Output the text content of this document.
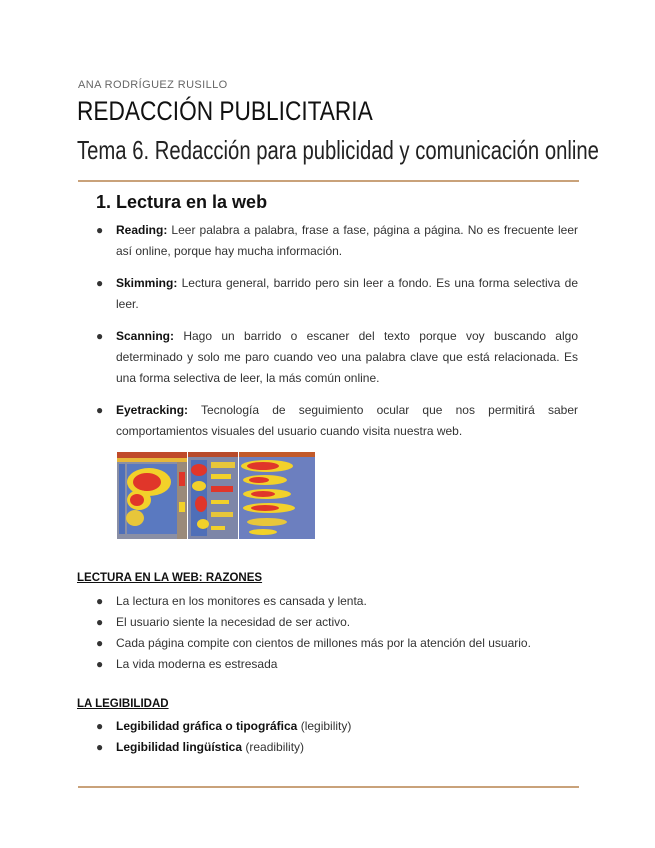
ANA RODRÍGUEZ RUSILLO
REDACCIÓN PUBLICITARIA
Tema 6. Redacción para publicidad y comunicación online
1. Lectura en la web
● Reading: Leer palabra a palabra, frase a fase, página a página. No es frecuente leer así online, porque hay mucha información.
● Skimming: Lectura general, barrido pero sin leer a fondo. Es una forma selectiva de leer.
● Scanning: Hago un barrido o escaner del texto porque voy buscando algo determinado y solo me paro cuando veo una palabra clave que está relacionada. Es una forma selectiva de leer, la más común online.
● Eyetracking: Tecnología de seguimiento ocular que nos permitirá saber comportamientos visuales del usuario cuando visita nuestra web.
LECTURA EN LA WEB: RAZONES
● La lectura en los monitores es cansada y lenta.
● El usuario siente la necesidad de ser activo.
● Cada página compite con cientos de millones más por la atención del usuario.
● La vida moderna es estresada
LA LEGIBILIDAD
● Legibilidad gráfica o tipográfica (legibility)
● Legibilidad lingüística (readibility)
